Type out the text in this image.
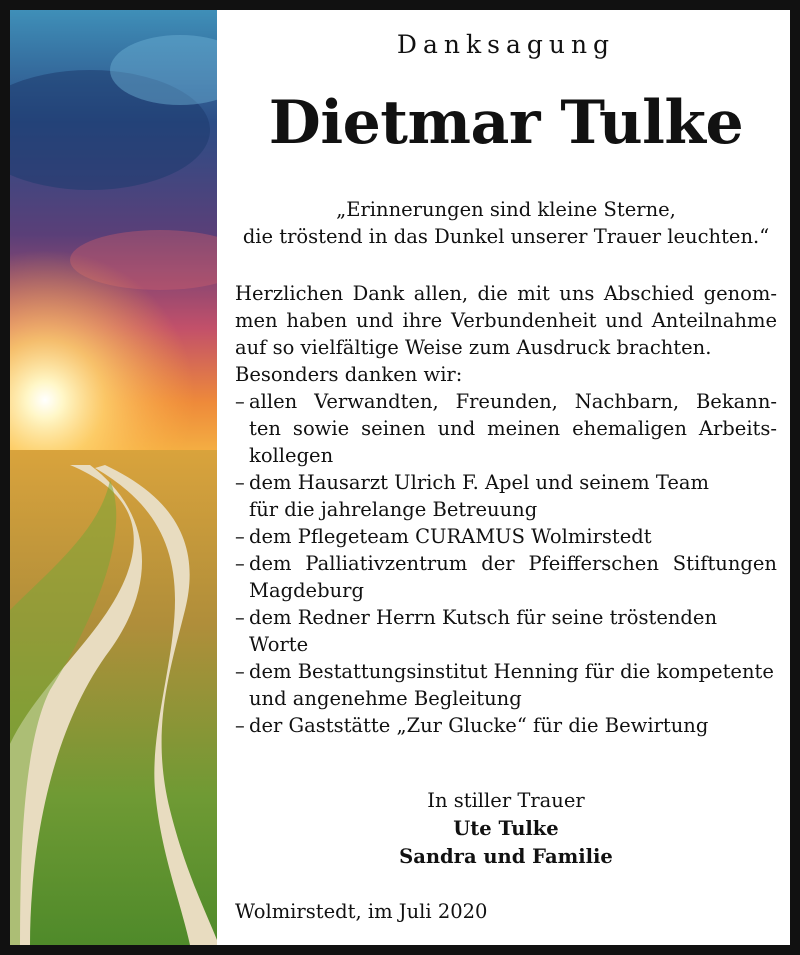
Danksagung
Dietmar Tulke
„Erinnerungen sind kleine Sterne,
die tröstend in das Dunkel unserer Trauer leuchten.“
Herzlichen Dank allen, die mit uns Abschied genom-
men haben und ihre Verbundenheit und Anteilnahme
auf so vielfältige Weise zum Ausdruck brachten.
Besonders danken wir:
– allen Verwandten, Freunden, Nachbarn, Bekann-
ten sowie seinen und meinen ehemaligen Arbeits-
kollegen
– dem Hausarzt Ulrich F. Apel und seinem Team
für die jahrelange Betreuung
– dem Pflegeteam CURAMUS Wolmirstedt
– dem Palliativzentrum der Pfeifferschen Stiftungen
Magdeburg
– dem Redner Herrn Kutsch für seine tröstenden
Worte
– dem Bestattungsinstitut Henning für die kompetente
und angenehme Begleitung
– der Gaststätte „Zur Glucke“ für die Bewirtung
In stiller Trauer
Ute Tulke
Sandra und Familie
Wolmirstedt, im Juli 2020
